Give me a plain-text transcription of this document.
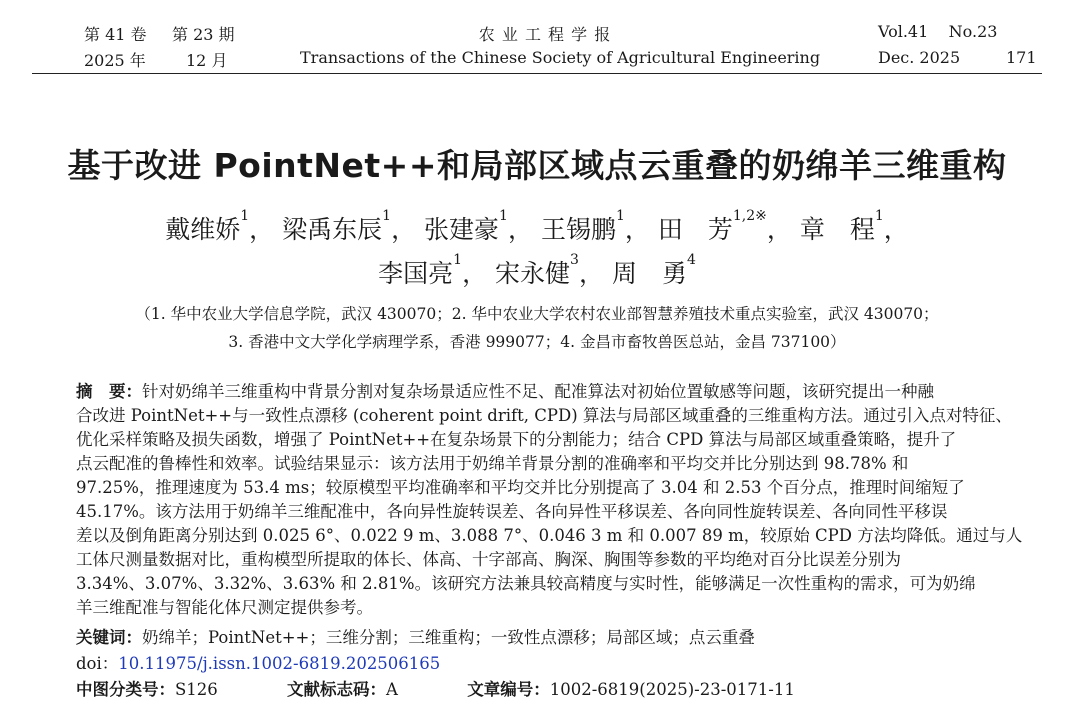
第 41 卷 第 23 期
2025 年	12 月
农 业 工 程 学 报
Transactions of the Chinese Society of Agricultural Engineering
Vol.41    No.23
Dec. 2025	171
基于改进 PointNet++和局部区域点云重叠的奶绵羊三维重构
戴维娇$^1$， 梁禹东辰$^1$， 张建豪$^1$， 王锡鹏$^1$， 田　芳$^{1,2※}$， 章　程$^1$，
李国亮$^1$， 宋永健$^3$， 周　勇$^4$
（1. 华中农业大学信息学院，武汉 430070；2. 华中农业大学农村农业部智慧养殖技术重点实验室，武汉 430070；
3. 香港中文大学化学病理学系，香港 999077；4. 金昌市畜牧兽医总站，金昌 737100）
摘　要：针对奶绵羊三维重构中背景分割对复杂场景适应性不足、配准算法对初始位置敏感等问题，该研究提出一种融
合改进 PointNet++与一致性点漂移 (coherent point drift, CPD) 算法与局部区域重叠的三维重构方法。通过引入点对特征、
优化采样策略及损失函数，增强了 PointNet++在复杂场景下的分割能力；结合 CPD 算法与局部区域重叠策略，提升了
点云配准的鲁棒性和效率。试验结果显示：该方法用于奶绵羊背景分割的准确率和平均交并比分别达到 98.78% 和
97.25%，推理速度为 53.4 ms；较原模型平均准确率和平均交并比分别提高了 3.04 和 2.53 个百分点，推理时间缩短了
45.17%。该方法用于奶绵羊三维配准中，各向异性旋转误差、各向异性平移误差、各向同性旋转误差、各向同性平移误
差以及倒角距离分别达到 0.025 6°、0.022 9 m、3.088 7°、0.046 3 m 和 0.007 89 m，较原始 CPD 方法均降低。通过与人
工体尺测量数据对比，重构模型所提取的体长、体高、十字部高、胸深、胸围等参数的平均绝对百分比误差分别为
3.34%、3.07%、3.32%、3.63% 和 2.81%。该研究方法兼具较高精度与实时性，能够满足一次性重构的需求，可为奶绵
羊三维配准与智能化体尺测定提供参考。
关键词：奶绵羊；PointNet++；三维分割；三维重构；一致性点漂移；局部区域；点云重叠
doi：10.11975/j.issn.1002-6819.202506165
中图分类号：S126	文献标志码：A	文章编号：1002-6819(2025)-23-0171-11
